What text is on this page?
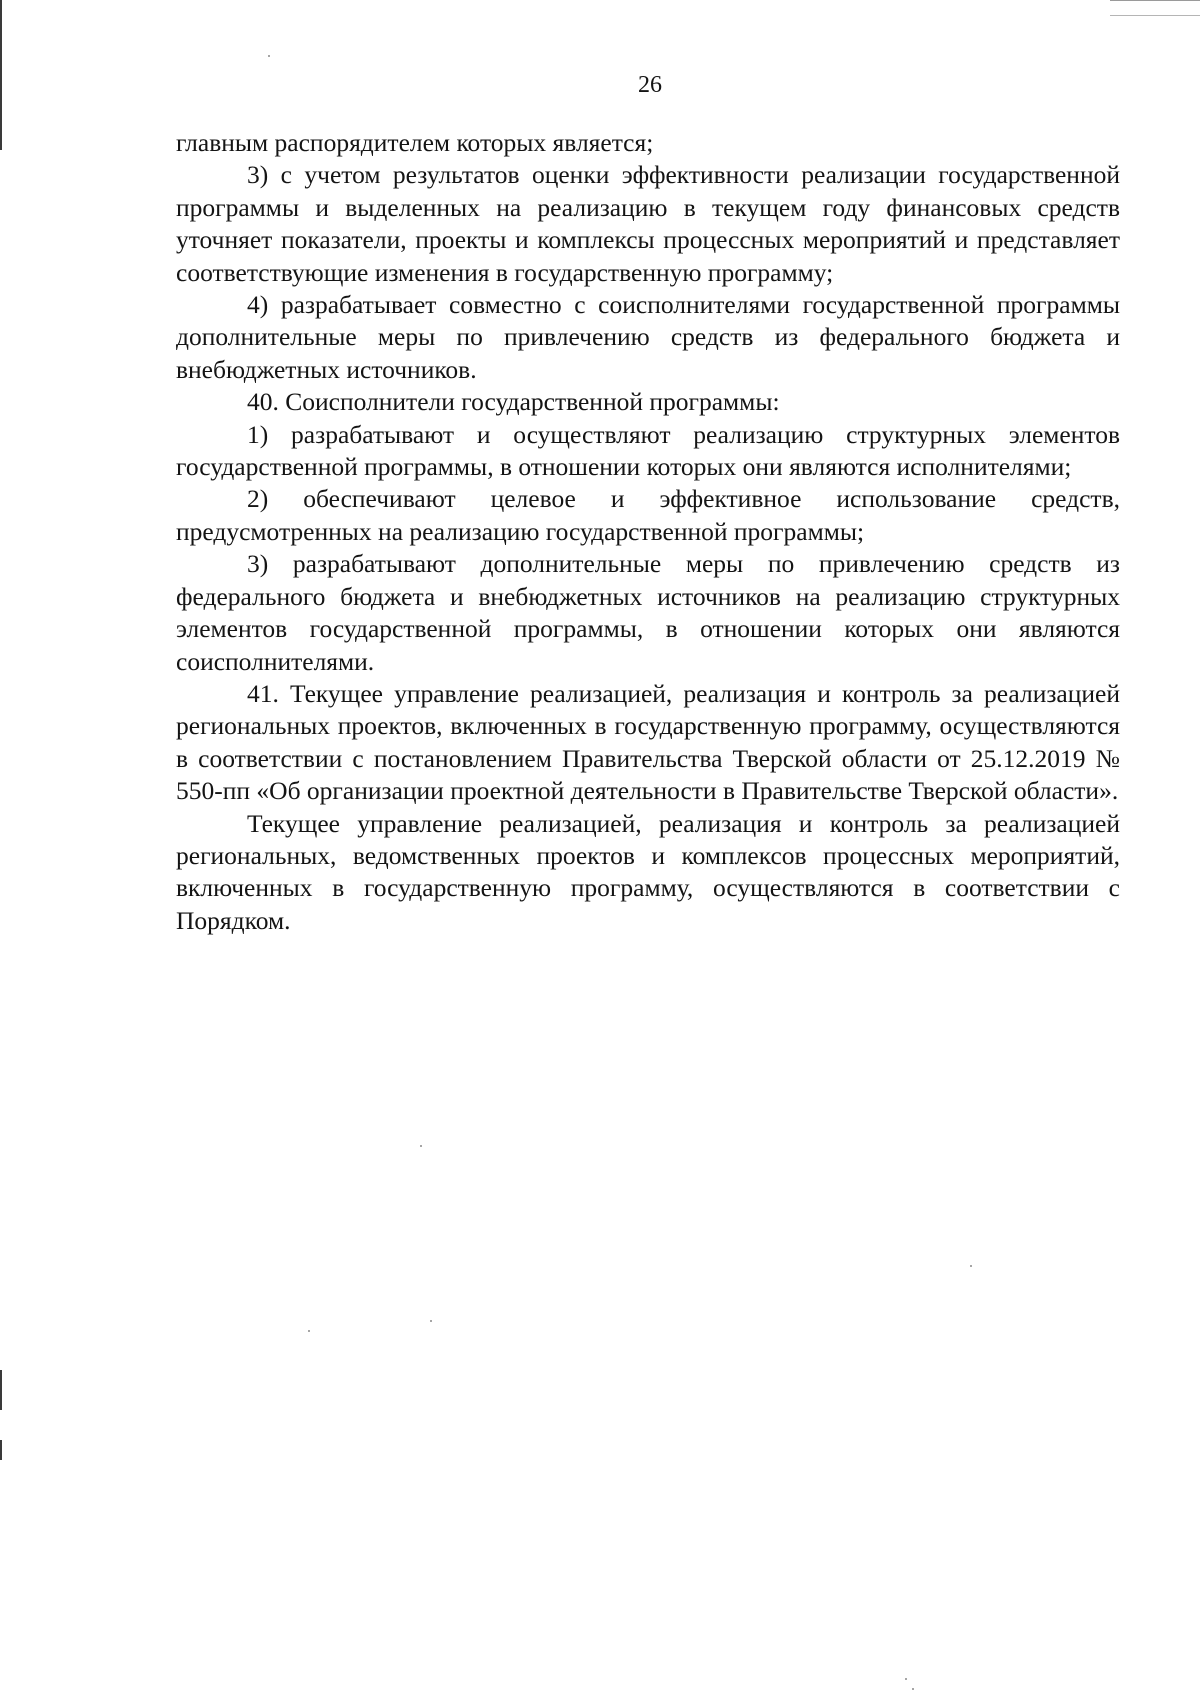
26

главным распорядителем которых является;

3) с учетом результатов оценки эффективности реализации государственной программы и выделенных на реализацию в текущем году финансовых средств уточняет показатели, проекты и комплексы процессных мероприятий и представляет соответствующие изменения в государственную программу;

4) разрабатывает совместно с соисполнителями государственной программы дополнительные меры по привлечению средств из федерального бюджета и внебюджетных источников.

40. Соисполнители государственной программы:

1) разрабатывают и осуществляют реализацию структурных элементов государственной программы, в отношении которых они являются исполнителями;

2) обеспечивают целевое и эффективное использование средств, предусмотренных на реализацию государственной программы;

3) разрабатывают дополнительные меры по привлечению средств из федерального бюджета и внебюджетных источников на реализацию структурных элементов государственной программы, в отношении которых они являются соисполнителями.

41. Текущее управление реализацией, реализация и контроль за реализацией региональных проектов, включенных в государственную программу, осуществляются в соответствии с постановлением Правительства Тверской области от 25.12.2019 № 550-пп «Об организации проектной деятельности в Правительстве Тверской области».

Текущее управление реализацией, реализация и контроль за реализацией региональных, ведомственных проектов и комплексов процессных мероприятий, включенных в государственную программу, осуществляются в соответствии с Порядком.
